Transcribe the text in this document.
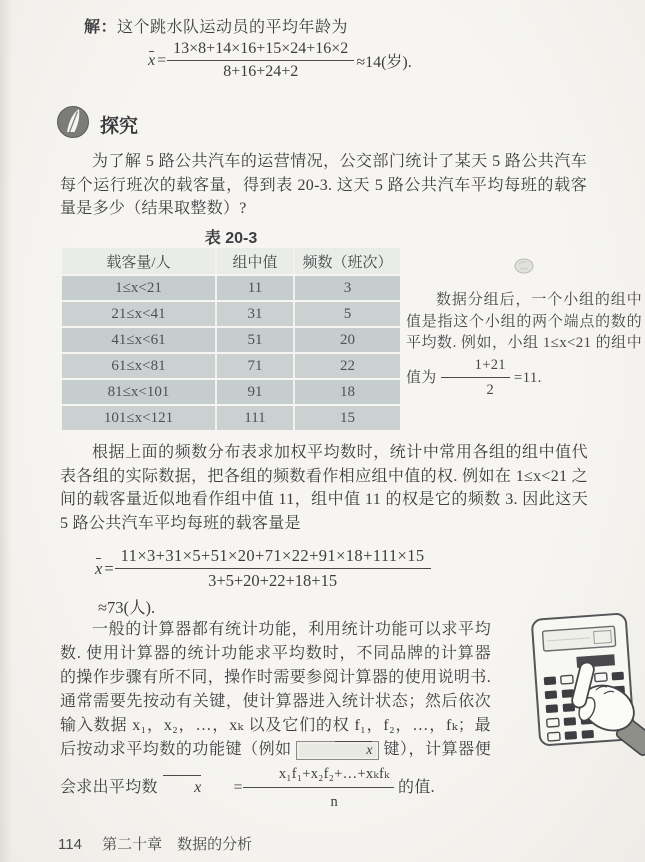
解：这个跳水队运动员的平均年龄为
$x = \frac{13\times 8+14\times 16+15\times 24+16\times 2}{8+16+24+2} \approx 14$(岁).
探究
为了解 5 路公共汽车的运营情况，公交部门统计了某天 5 路公共汽车每个运行班次的载客量，得到表 20-3. 这天 5 路公共汽车平均每班的载客量是多少（结果取整数）?
表 20-3
载客量/人	组中值	频数（班次）
1≤x<21	11	3
21≤x<41	31	5
41≤x<61	51	20
61≤x<81	71	22
81≤x<101	91	18
101≤x<121	111	15
数据分组后，一个小组的组中值是指这个小组的两个端点的数的平均数. 例如，小组 1≤x<21 的组中值为 $\frac{1+21}{2} =11$.
根据上面的频数分布表求加权平均数时，统计中常用各组的组中值代表各组的实际数据，把各组的频数看作相应组中值的权. 例如在 1≤x<21 之间的载客量近似地看作组中值 11，组中值 11 的权是它的频数 3. 因此这天 5 路公共汽车平均每班的载客量是
$x = \frac{11\times 3+31\times 5+51\times 20+71\times 22+91\times 18+111\times 15}{3+5+20+22+18+15}$
≈73(人).
一般的计算器都有统计功能，利用统计功能可以求平均数. 使用计算器的统计功能求平均数时，不同品牌的计算器的操作步骤有所不同，操作时需要参阅计算器的使用说明书. 通常需要先按动有关键，使计算器进入统计状态；然后依次输入数据 x₁，x₂，…，xₖ 以及它们的权 f₁，f₂，…，fₖ；最后按动求平均数的功能键（例如	x 键），计算器便会求出平均数	x	= $\frac{\text{x₁f₁+x₂f₂+…+xₖfₖ}}{n}$ 的值.
114 第二十章　数据的分析
